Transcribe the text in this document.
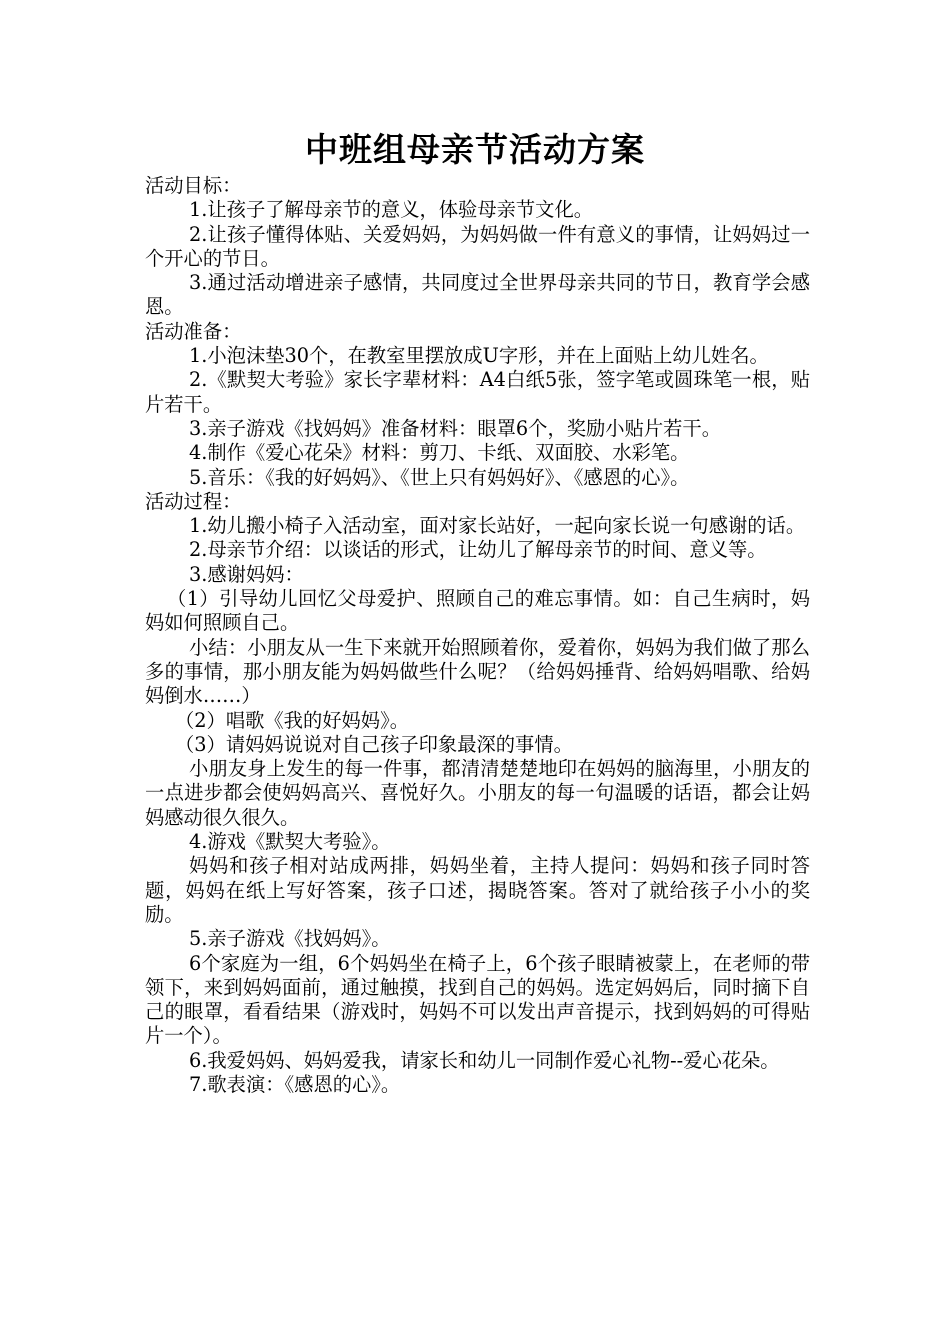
中班组母亲节活动方案

活动目标：

1.让孩子了解母亲节的意义，体验母亲节文化。

2.让孩子懂得体贴、关爱妈妈，为妈妈做一件有意义的事情，让妈妈过一个开心的节日。

3.通过活动增进亲子感情，共同度过全世界母亲共同的节日，教育学会感恩。

活动准备：

1.小泡沫垫30个，在教室里摆放成U字形，并在上面贴上幼儿姓名。

2.《默契大考验》家长字辈材料：A4白纸5张，签字笔或圆珠笔一根，贴片若干。

3.亲子游戏《找妈妈》准备材料：眼罩6个，奖励小贴片若干。

4.制作《爱心花朵》材料：剪刀、卡纸、双面胶、水彩笔。

5.音乐：《我的好妈妈》、《世上只有妈妈好》、《感恩的心》。

活动过程：

1.幼儿搬小椅子入活动室，面对家长站好，一起向家长说一句感谢的话。

2.母亲节介绍：以谈话的形式，让幼儿了解母亲节的时间、意义等。

3.感谢妈妈：

（1）引导幼儿回忆父母爱护、照顾自己的难忘事情。如：自己生病时，妈妈如何照顾自己。

小结：小朋友从一生下来就开始照顾着你，爱着你，妈妈为我们做了那么多的事情，那小朋友能为妈妈做些什么呢？（给妈妈捶背、给妈妈唱歌、给妈妈倒水……）

（2）唱歌《我的好妈妈》。

（3）请妈妈说说对自己孩子印象最深的事情。

小朋友身上发生的每一件事，都清清楚楚地印在妈妈的脑海里，小朋友的一点进步都会使妈妈高兴、喜悦好久。小朋友的每一句温暖的话语，都会让妈妈感动很久很久。

4.游戏《默契大考验》。

妈妈和孩子相对站成两排，妈妈坐着，主持人提问：妈妈和孩子同时答题，妈妈在纸上写好答案，孩子口述，揭晓答案。答对了就给孩子小小的奖励。

5.亲子游戏《找妈妈》。

6个家庭为一组，6个妈妈坐在椅子上，6个孩子眼睛被蒙上，在老师的带领下，来到妈妈面前，通过触摸，找到自己的妈妈。选定妈妈后，同时摘下自己的眼罩，看看结果（游戏时，妈妈不可以发出声音提示，找到妈妈的可得贴片一个）。

6.我爱妈妈、妈妈爱我，请家长和幼儿一同制作爱心礼物--爱心花朵。

7.歌表演：《感恩的心》。
